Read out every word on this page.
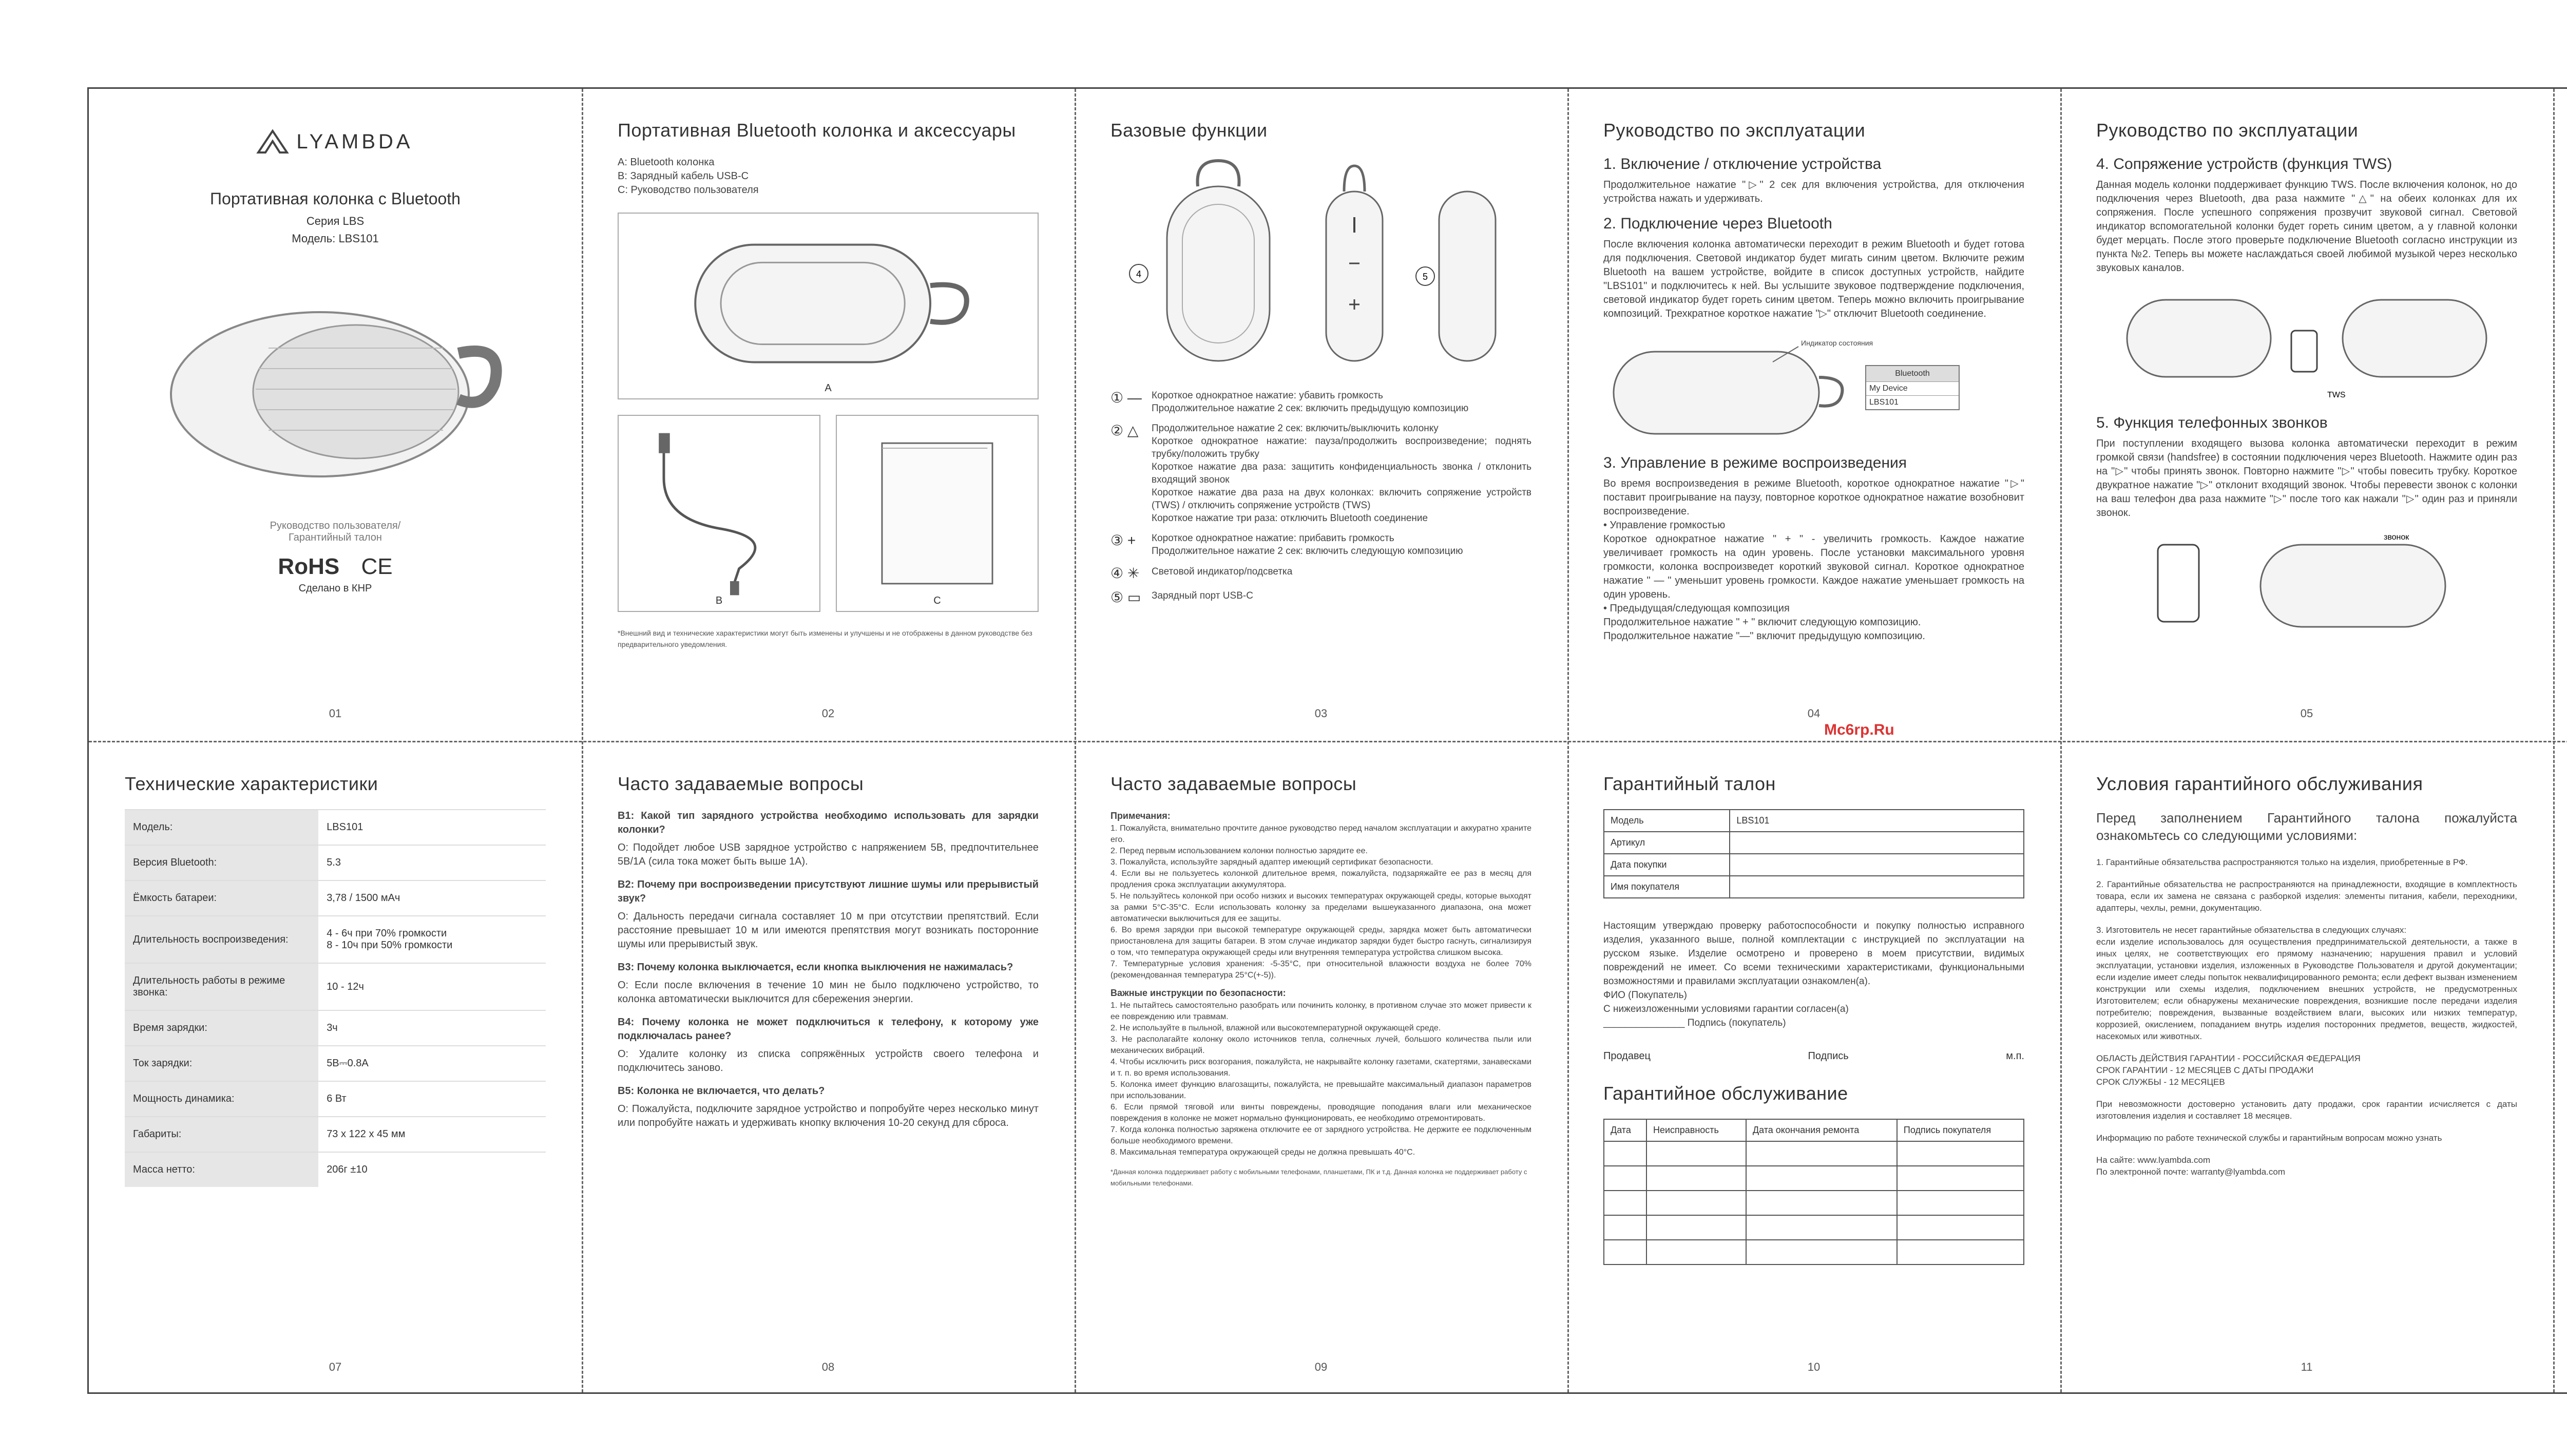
LYAMBDA
Портативная колонка с Bluetooth
Серия LBS
Модель: LBS101
Руководство пользователя/
Гарантийный талон
RoHS CE
Сделано в КНР
01
Портативная Bluetooth колонка и аксессуары
A: Bluetooth колонка
B: Зарядный кабель USB-C
C: Руководство пользователя
A
B	C
*Внешний вид и технические характеристики могут быть изменены и улучшены и не отображены в данном руководстве без предварительного уведомления.
02
Базовые функции
4	5
① —	Короткое однократное нажатие: убавить громкость
Продолжительное нажатие 2 сек: включить предыдущую композицию
② △	Продолжительное нажатие 2 сек: включить/выключить колонку
Короткое однократное нажатие: пауза/продолжить воспроизведение; поднять трубку/положить трубку
Короткое нажатие два раза: защитить конфиденциальность звонка / отклонить входящий звонок
Короткое нажатие два раза на двух колонках: включить сопряжение устройств (TWS) / отключить сопряжение устройств (TWS)
Короткое нажатие три раза: отключить Bluetooth соединение
③ +	Короткое однократное нажатие: прибавить громкость
Продолжительное нажатие 2 сек: включить следующую композицию
④ ✳	Световой индикатор/подсветка
⑤ ▭	Зарядный порт USB-C
03
Руководство по эксплуатации
1. Включение / отключение устройства
Продолжительное нажатие "▷" 2 сек для включения устройства, для отключения устройства нажать и удерживать.
2. Подключение через Bluetooth
После включения колонка автоматически переходит в режим Bluetooth и будет готова для подключения. Световой индикатор будет мигать синим цветом. Включите режим Bluetooth на вашем устройстве, войдите в список доступных устройств, найдите "LBS101" и подключитесь к ней. Вы услышите звуковое подтверждение подключения, световой индикатор будет гореть синим цветом. Теперь можно включить проигрывание композиций. Трехкратное короткое нажатие "▷" отключит Bluetooth соединение.
Индикатор состояния
Bluetooth
My Device
LBS101
3. Управление в режиме воспроизведения
Во время воспроизведения в режиме Bluetooth, короткое однократное нажатие "▷" поставит проигрывание на паузу, повторное короткое однократное нажатие возобновит воспроизведение.
• Управление громкостью
Короткое однократное нажатие " + " - увеличить громкость. Каждое нажатие увеличивает громкость на один уровень. После установки максимального уровня громкости, колонка воспроизведет короткий звуковой сигнал. Короткое однократное нажатие " — " уменьшит уровень громкости. Каждое нажатие уменьшает громкость на один уровень.
• Предыдущая/следующая композиция
Продолжительное нажатие " + " включит следующую композицию.
Продолжительное нажатие "—" включит предыдущую композицию.
04
Руководство по эксплуатации
4. Сопряжение устройств (функция TWS)
Данная модель колонки поддерживает функцию TWS. После включения колонок, но до подключения через Bluetooth, два раза нажмите "△" на обеих колонках для их сопряжения. После успешного сопряжения прозвучит звуковой сигнал. Световой индикатор вспомогательной колонки будет гореть синим цветом, а у главной колонки будет мерцать. После этого проверьте подключение Bluetooth согласно инструкции из пункта №2. Теперь вы можете наслаждаться своей любимой музыкой через несколько звуковых каналов.
TWS
5. Функция телефонных звонков
При поступлении входящего вызова колонка автоматически переходит в режим громкой связи (handsfree) в состоянии подключения через Bluetooth. Нажмите один раз на "▷" чтобы принять звонок. Повторно нажмите "▷" чтобы повесить трубку. Короткое двукратное нажатие "▷" отклонит входящий звонок. Чтобы перевести звонок с колонки на ваш телефон два раза нажмите "▷" после того как нажали "▷" один раз и приняли звонок.
звонок
05

Технические характеристики
Модель:	LBS101
Версия Bluetooth:	5.3
Ёмкость батареи:	3,78 / 1500 мАч
Длительность воспроизведения:	4 - 6ч при 70% громкости
8 - 10ч при 50% громкости
Длительность работы в режиме звонка:	10 - 12ч
Время зарядки:	3ч
Ток зарядки:	5В⎓0.8A
Мощность динамика:	6 Вт
Габариты:	73 x 122 x 45 мм
Масса нетто:	206г ±10
07
Часто задаваемые вопросы
В1: Какой тип зарядного устройства необходимо использовать для зарядки колонки?
О: Подойдет любое USB зарядное устройство с напряжением 5В, предпочтительнее 5В/1А (сила тока может быть выше 1А).
В2: Почему при воспроизведении присутствуют лишние шумы или прерывистый звук?
О: Дальность передачи сигнала составляет 10 м при отсутствии препятствий. Если расстояние превышает 10 м или имеются препятствия могут возникать посторонние шумы или прерывистый звук.
В3: Почему колонка выключается, если кнопка выключения не нажималась?
О: Если после включения в течение 10 мин не было подключено устройство, то колонка автоматически выключится для сбережения энергии.
В4: Почему колонка не может подключиться к телефону, к которому уже подключалась ранее?
О: Удалите колонку из списка сопряжённых устройств своего телефона и подключитесь заново.
В5: Колонка не включается, что делать?
О: Пожалуйста, подключите зарядное устройство и попробуйте через несколько минут или попробуйте нажать и удерживать кнопку включения 10-20 секунд для сброса.
08
Часто задаваемые вопросы
Примечания:
1. Пожалуйста, внимательно прочтите данное руководство перед началом эксплуатации и аккуратно храните его.
2. Перед первым использованием колонки полностью зарядите ее.
3. Пожалуйста, используйте зарядный адаптер имеющий сертификат безопасности.
4. Если вы не пользуетесь колонкой длительное время, пожалуйста, подзаряжайте ее раз в месяц для продления срока эксплуатации аккумулятора.
5. Не пользуйтесь колонкой при особо низких и высоких температурах окружающей среды, которые выходят за рамки 5°C-35°C. Если использовать колонку за пределами вышеуказанного диапазона, она может автоматически выключиться для ее защиты.
6. Во время зарядки при высокой температуре окружающей среды, зарядка может быть автоматически приостановлена для защиты батареи. В этом случае индикатор зарядки будет быстро гаснуть, сигнализируя о том, что температура окружающей среды или внутренняя температура устройства слишком высока.
7. Температурные условия хранения: -5-35°C, при относительной влажности воздуха не более 70% (рекомендованная температура 25°C(+-5)).
Важные инструкции по безопасности:
1. Не пытайтесь самостоятельно разобрать или починить колонку, в противном случае это может привести к ее повреждению или травмам.
2. Не используйте в пыльной, влажной или высокотемпературной окружающей среде.
3. Не располагайте колонку около источников тепла, солнечных лучей, большого количества пыли или механических вибраций.
4. Чтобы исключить риск возгорания, пожалуйста, не накрывайте колонку газетами, скатертями, занавесками и т. п. во время использования.
5. Колонка имеет функцию влагозащиты, пожалуйста, не превышайте максимальный диапазон параметров при использовании.
6. Если прямой тяговой или винты повреждены, проводящие поподания влаги или механическое повреждения в колонке не может нормально функционировать, ее необходимо отремонтировать.
7. Когда колонка полностью заряжена отключите ее от зарядного устройства. Не держите ее подключенным больше необходимого времени.
8. Максимальная температура окружающей среды не должна превышать 40°С.
*Данная колонка поддерживает работу с мобильными телефонами, планшетами, ПК и т.д. Данная колонка не поддерживает работу с мобильными телефонами.
09
Гарантийный талон
Модель	LBS101
Артикул	
Дата покупки	
Имя покупателя	
Настоящим утверждаю проверку работоспособности и покупку полностью исправного изделия, указанного выше, полной комплектации с инструкцией по эксплуатации на русском языке. Изделие осмотрено и проверено в моем присутствии, видимых повреждений не имеет. Со всеми техническими характеристиками, функциональными возможностями и правилами эксплуатации ознакомлен(а).
ФИО (Покупатель)
С нижеизложенными условиями гарантии согласен(а)
_______________ Подпись (покупатель)
Продавец	Подпись	м.п.
Гарантийное обслуживание
Дата	Неисправность	Дата окончания ремонта	Подпись покупателя

10
Условия гарантийного обслуживания
Перед заполнением Гарантийного талона пожалуйста ознакомьтесь со следующими условиями:
1. Гарантийные обязательства распространяются только на изделия, приобретенные в РФ.
2. Гарантийные обязательства не распространяются на принадлежности, входящие в комплектность товара, если их замена не связана с разборкой изделия: элементы питания, кабели, переходники, адаптеры, чехлы, ремни, документацию.
3. Изготовитель не несет гарантийные обязательства в следующих случаях:
если изделие использовалось для осуществления предпринимательской деятельности, а также в иных целях, не соответствующих его прямому назначению; нарушения правил и условий эксплуатации, установки изделия, изложенных в Руководстве Пользователя и другой документации; если изделие имеет следы попыток неквалифицированного ремонта; если дефект вызван изменением конструкции или схемы изделия, подключением внешних устройств, не предусмотренных Изготовителем; если обнаружены механические повреждения, возникшие после передачи изделия потребителю; повреждения, вызванные воздействием влаги, высоких или низких температур, коррозией, окислением, попаданием внутрь изделия посторонних предметов, веществ, жидкостей, насекомых или животных.
ОБЛАСТЬ ДЕЙСТВИЯ ГАРАНТИИ - РОССИЙСКАЯ ФЕДЕРАЦИЯ
СРОК ГАРАНТИИ - 12 МЕСЯЦЕВ С ДАТЫ ПРОДАЖИ
СРОК СЛУЖБЫ - 12 МЕСЯЦЕВ
При невозможности достоверно установить дату продажи, срок гарантии исчисляется с даты изготовления изделия и составляет 18 месяцев.
Информацию по работе технической службы и гарантийным вопросам можно узнать
На сайте: www.lyambda.com
По электронной почте: warranty@lyambda.com
11
Mc6rp.Ru
